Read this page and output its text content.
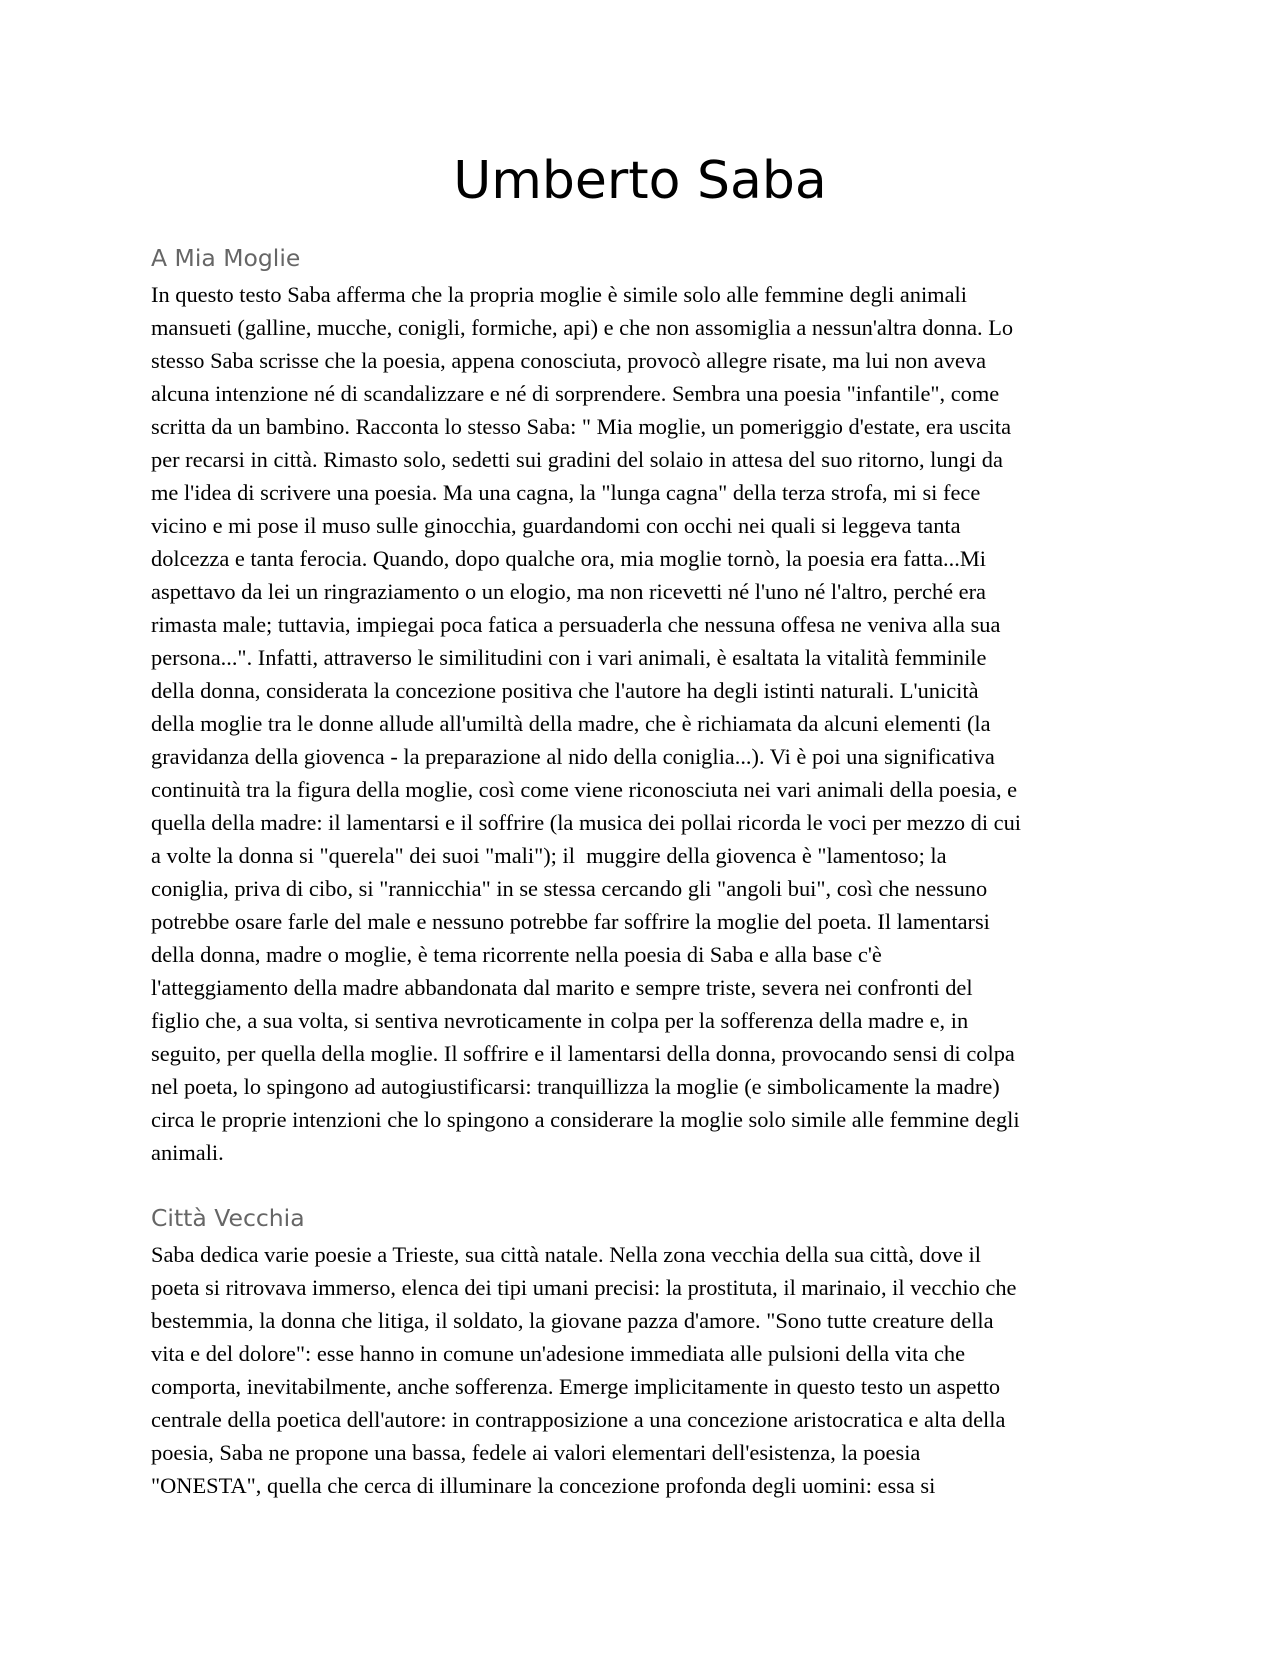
Umberto Saba
A Mia Moglie

In questo testo Saba afferma che la propria moglie è simile solo alle femmine degli animali
mansueti (galline, mucche, conigli, formiche, api) e che non assomiglia a nessun'altra donna. Lo
stesso Saba scrisse che la poesia, appena conosciuta, provocò allegre risate, ma lui non aveva
alcuna intenzione né di scandalizzare e né di sorprendere. Sembra una poesia "infantile", come
scritta da un bambino. Racconta lo stesso Saba: " Mia moglie, un pomeriggio d'estate, era uscita
per recarsi in città. Rimasto solo, sedetti sui gradini del solaio in attesa del suo ritorno, lungi da
me l'idea di scrivere una poesia. Ma una cagna, la "lunga cagna" della terza strofa, mi si fece
vicino e mi pose il muso sulle ginocchia, guardandomi con occhi nei quali si leggeva tanta
dolcezza e tanta ferocia. Quando, dopo qualche ora, mia moglie tornò, la poesia era fatta...Mi
aspettavo da lei un ringraziamento o un elogio, ma non ricevetti né l'uno né l'altro, perché era
rimasta male; tuttavia, impiegai poca fatica a persuaderla che nessuna offesa ne veniva alla sua
persona...". Infatti, attraverso le similitudini con i vari animali, è esaltata la vitalità femminile
della donna, considerata la concezione positiva che l'autore ha degli istinti naturali. L'unicità
della moglie tra le donne allude all'umiltà della madre, che è richiamata da alcuni elementi (la
gravidanza della giovenca - la preparazione al nido della coniglia...). Vi è poi una significativa
continuità tra la figura della moglie, così come viene riconosciuta nei vari animali della poesia, e
quella della madre: il lamentarsi e il soffrire (la musica dei pollai ricorda le voci per mezzo di cui
a volte la donna si "querela" dei suoi "mali"); il  muggire della giovenca è "lamentoso; la
coniglia, priva di cibo, si "rannicchia" in se stessa cercando gli "angoli bui", così che nessuno
potrebbe osare farle del male e nessuno potrebbe far soffrire la moglie del poeta. Il lamentarsi
della donna, madre o moglie, è tema ricorrente nella poesia di Saba e alla base c'è
l'atteggiamento della madre abbandonata dal marito e sempre triste, severa nei confronti del
figlio che, a sua volta, si sentiva nevroticamente in colpa per la sofferenza della madre e, in
seguito, per quella della moglie. Il soffrire e il lamentarsi della donna, provocando sensi di colpa
nel poeta, lo spingono ad autogiustificarsi: tranquillizza la moglie (e simbolicamente la madre)
circa le proprie intenzioni che lo spingono a considerare la moglie solo simile alle femmine degli
animali.

Città Vecchia

Saba dedica varie poesie a Trieste, sua città natale. Nella zona vecchia della sua città, dove il
poeta si ritrovava immerso, elenca dei tipi umani precisi: la prostituta, il marinaio, il vecchio che
bestemmia, la donna che litiga, il soldato, la giovane pazza d'amore. "Sono tutte creature della
vita e del dolore": esse hanno in comune un'adesione immediata alle pulsioni della vita che
comporta, inevitabilmente, anche sofferenza. Emerge implicitamente in questo testo un aspetto
centrale della poetica dell'autore: in contrapposizione a una concezione aristocratica e alta della
poesia, Saba ne propone una bassa, fedele ai valori elementari dell'esistenza, la poesia
"ONESTA", quella che cerca di illuminare la concezione profonda degli uomini: essa si
